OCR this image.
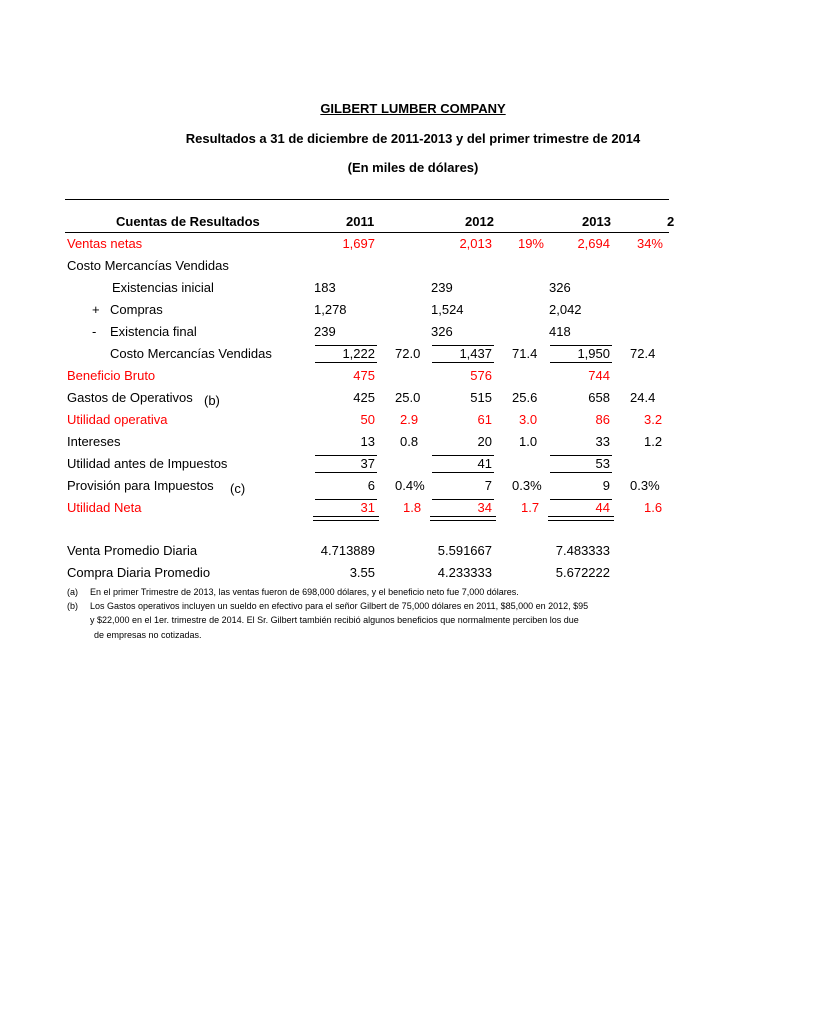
GILBERT LUMBER COMPANY
Resultados a 31 de diciembre de 2011-2013 y del primer trimestre de 2014
(En miles de dólares)
Cuentas de Resultados	2011	2012	2013	2
Ventas netas	1,697	2,013 19%	2,694 34%
Costo Mercancías Vendidas
Existencias inicial	183	239	326
+ Compras	1,278	1,524	2,042
- Existencia final	239	326	418
Costo Mercancías Vendidas	1,222 72.0	1,437 71.4	1,950 72.4
Beneficio Bruto	475	576	744
Gastos de Operativos (b)	425 25.0	515 25.6	658 24.4
Utilidad operativa	50 2.9	61 3.0	86	3.2
Intereses	13 0.8	20 1.0	33	1.2
Utilidad antes de Impuestos	37	41	53
Provisión para Impuestos (c)	6 0.4%	7 0.3%	9 0.3%
Utilidad Neta	31 1.8	34 1.7	44	1.6
Venta Promedio Diaria	4.713889	5.591667	7.483333
Compra Diaria Promedio	3.55	4.233333	5.672222
(a) En el primer Trimestre de 2013, las ventas fueron de 698,000 dólares, y el beneficio neto fue 7,000 dólares.
(b) Los Gastos operativos incluyen un sueldo en efectivo para el señor Gilbert de 75,000 dólares en 2011, $85,000 en 2012, $95
y $22,000 en el 1er. trimestre de 2014. El Sr. Gilbert también recibió algunos beneficios que normalmente perciben los due
de empresas no cotizadas.
